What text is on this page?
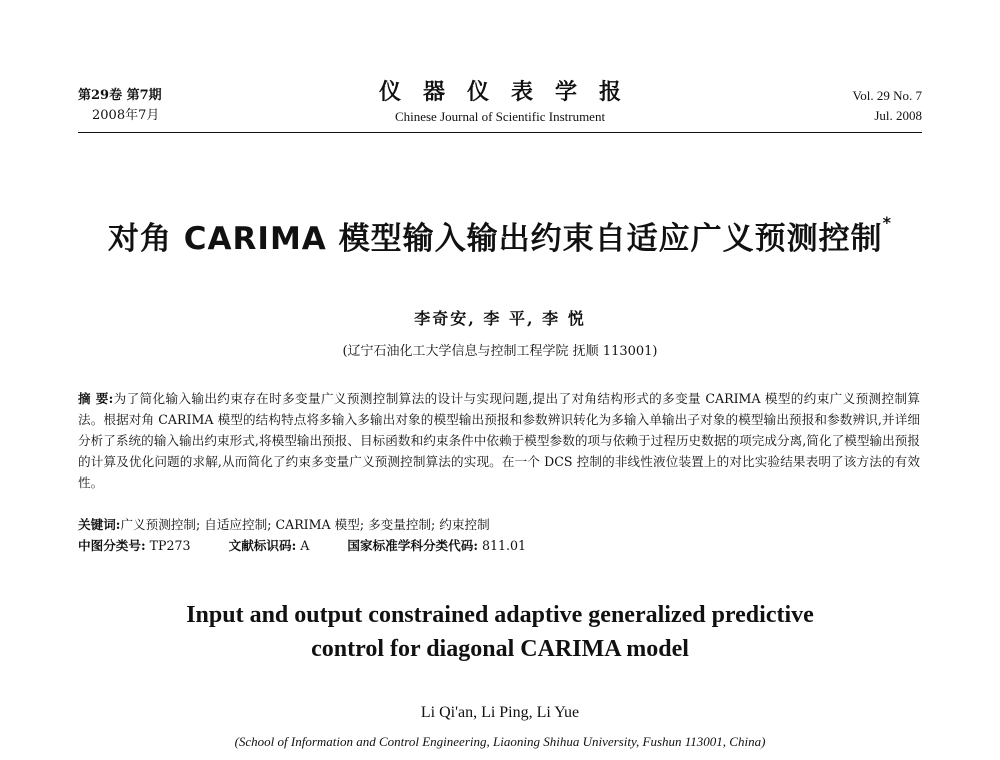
第29卷 第7期
2008年7月
仪器仪表学报
Chinese Journal of Scientific Instrument
Vol. 29 No. 7
Jul. 2008
对角 CARIMA 模型输入输出约束自适应广义预测控制*
李奇安, 李 平, 李 悦
(辽宁石油化工大学信息与控制工程学院 抚顺 113001)
摘 要:为了简化输入输出约束存在时多变量广义预测控制算法的设计与实现问题,提出了对角结构形式的多变量 CARIMA 模型的约束广义预测控制算法。根据对角 CARIMA 模型的结构特点将多输入多输出对象的模型输出预报和参数辨识转化为多输入单输出子对象的模型输出预报和参数辨识,并详细分析了系统的输入输出约束形式,将模型输出预报、目标函数和约束条件中依赖于模型参数的项与依赖于过程历史数据的项完成分离,简化了模型输出预报的计算及优化问题的求解,从而简化了约束多变量广义预测控制算法的实现。在一个 DCS 控制的非线性液位装置上的对比实验结果表明了该方法的有效性。
关键词:广义预测控制; 自适应控制; CARIMA 模型; 多变量控制; 约束控制
中图分类号: TP273	文献标识码: A	国家标准学科分类代码: 811.01
Input and output constrained adaptive generalized predictive
control for diagonal CARIMA model
Li Qi'an, Li Ping, Li Yue
(School of Information and Control Engineering, Liaoning Shihua University, Fushun 113001, China)
